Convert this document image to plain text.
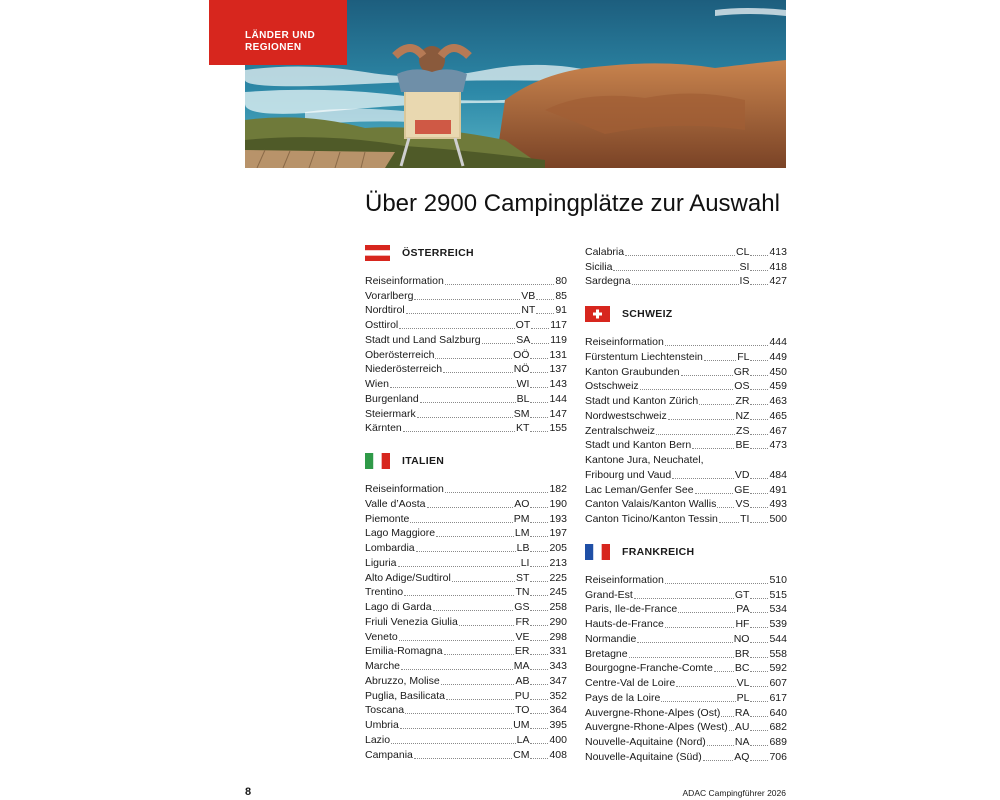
LÄNDER UND
REGIONEN
Über 2900 Campingplätze zur Auswahl
ÖSTERREICH
Reiseinformation	80
Vorarlberg	VB 85
Nordtirol	NT 91
Osttirol	OT 117
Stadt und Land Salzburg	SA 119
Oberösterreich	OÖ 131
Niederösterreich	NÖ 137
Wien	WI 143
Burgenland	BL 144
Steiermark	SM 147
Kärnten	KT 155
ITALIEN
Reiseinformation	182
Valle d’Aosta	AO 190
Piemonte	PM 193
Lago Maggiore	LM 197
Lombardia	LB 205
Liguria	LI 213
Alto Adige/Sudtirol	ST 225
Trentino	TN 245
Lago di Garda	GS 258
Friuli Venezia Giulia	FR 290
Veneto	VE 298
Emilia-Romagna	ER 331
Marche	MA 343
Abruzzo, Molise	AB 347
Puglia, Basilicata	PU 352
Toscana	TO 364
Umbria	UM 395
Lazio	LA 400
Campania	CM 408
Calabria	CL 413
Sicilia	SI 418
Sardegna	IS 427
SCHWEIZ
Reiseinformation	444
Fürstentum Liechtenstein	FL 449
Kanton Graubunden	GR 450
Ostschweiz	OS 459
Stadt und Kanton Zürich	ZR 463
Nordwestschweiz	NZ 465
Zentralschweiz	ZS 467
Stadt und Kanton Bern	BE 473
Kantone Jura, Neuchatel,
Fribourg und Vaud	VD 484
Lac Leman/Genfer See	GE 491
Canton Valais/Kanton Wallis VS 493
Canton Ticino/Kanton Tessin TI 500
FRANKREICH
Reiseinformation	510
Grand-Est	GT 515
Paris, Ile-de-France	PA 534
Hauts-de-France	HF 539
Normandie	NO 544
Bretagne	BR 558
Bourgogne-Franche-Comte BC 592
Centre-Val de Loire	VL 607
Pays de la Loire	PL 617
Auvergne-Rhone-Alpes (Ost) RA 640
Auvergne-Rhone-Alpes (West) AU 682
Nouvelle-Aquitaine (Nord)	NA 689
Nouvelle-Aquitaine (Süd)	AQ 706
8	ADAC Campingführer 2026
